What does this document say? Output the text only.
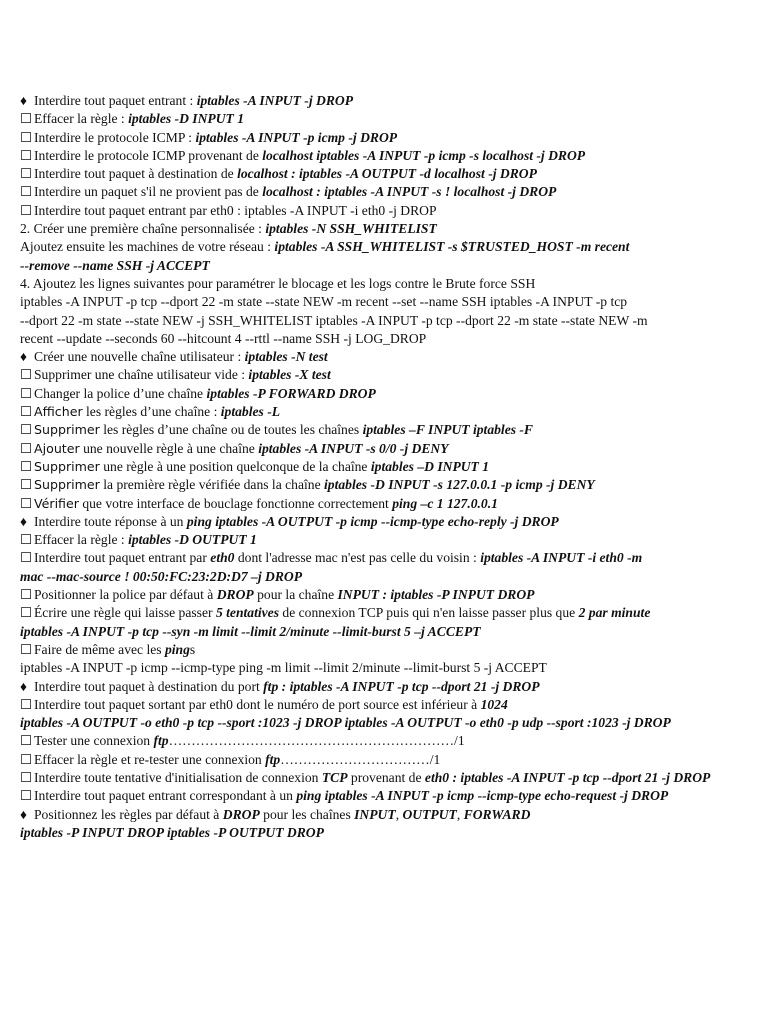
♦ Interdire tout paquet entrant : iptables -A INPUT -j DROP
☐ Effacer la règle : iptables -D INPUT 1
☐ Interdire le protocole ICMP : iptables -A INPUT -p icmp -j DROP
☐ Interdire le protocole ICMP provenant de localhost iptables -A INPUT -p icmp -s localhost -j DROP
☐ Interdire tout paquet à destination de localhost : iptables -A OUTPUT -d localhost -j DROP
☐ Interdire un paquet s'il ne provient pas de localhost : iptables -A INPUT -s ! localhost -j DROP
☐ Interdire tout paquet entrant par eth0 : iptables -A INPUT -i eth0 -j DROP
2. Créer une première chaîne personnalisée : iptables -N SSH_WHITELIST
Ajoutez ensuite les machines de votre réseau : iptables -A SSH_WHITELIST -s $TRUSTED_HOST -m recent
--remove --name SSH -j ACCEPT
4. Ajoutez les lignes suivantes pour paramétrer le blocage et les logs contre le Brute force SSH
iptables -A INPUT -p tcp --dport 22 -m state --state NEW -m recent --set --name SSH iptables -A INPUT -p tcp
--dport 22 -m state --state NEW -j SSH_WHITELIST iptables -A INPUT -p tcp --dport 22 -m state --state NEW -m
recent --update --seconds 60 --hitcount 4 --rttl --name SSH -j LOG_DROP
♦ Créer une nouvelle chaîne utilisateur : iptables -N test
☐ Supprimer une chaîne utilisateur vide : iptables -X test
☐ Changer la police d’une chaîne iptables -P FORWARD DROP
☐ Afficher les règles d’une chaîne : iptables -L
☐ Supprimer les règles d’une chaîne ou de toutes les chaînes iptables –F INPUT iptables -F
☐ Ajouter une nouvelle règle à une chaîne iptables -A INPUT -s 0/0 -j DENY
☐ Supprimer une règle à une position quelconque de la chaîne iptables –D INPUT 1
☐ Supprimer la première règle vérifiée dans la chaîne iptables -D INPUT -s 127.0.0.1 -p icmp -j DENY
☐ Vérifier que votre interface de bouclage fonctionne correctement ping –c 1 127.0.0.1
♦ Interdire toute réponse à un ping iptables -A OUTPUT -p icmp --icmp-type echo-reply -j DROP
☐ Effacer la règle : iptables -D OUTPUT 1
☐ Interdire tout paquet entrant par eth0 dont l'adresse mac n'est pas celle du voisin : iptables -A INPUT -i eth0 -m
mac --mac-source ! 00:50:FC:23:2D:D7 –j DROP
☐ Positionner la police par défaut à DROP pour la chaîne INPUT : iptables -P INPUT DROP
☐ Écrire une règle qui laisse passer 5 tentatives de connexion TCP puis qui n'en laisse passer plus que 2 par minute
iptables -A INPUT -p tcp --syn -m limit --limit 2/minute --limit-burst 5 –j ACCEPT
☐ Faire de même avec les pings
iptables -A INPUT -p icmp --icmp-type ping -m limit --limit 2/minute --limit-burst 5 -j ACCEPT
♦ Interdire tout paquet à destination du port ftp : iptables -A INPUT -p tcp --dport 21 -j DROP
☐ Interdire tout paquet sortant par eth0 dont le numéro de port source est inférieur à 1024
iptables -A OUTPUT -o eth0 -p tcp --sport :1023 -j DROP iptables -A OUTPUT -o eth0 -p udp --sport :1023 -j DROP
☐ Tester une connexion ftp………………………………………………………/1
☐ Effacer la règle et re-tester une connexion ftp……………………………/1
☐ Interdire toute tentative d'initialisation de connexion TCP provenant de eth0 : iptables -A INPUT -p tcp --dport 21 -j DROP
☐ Interdire tout paquet entrant correspondant à un ping iptables -A INPUT -p icmp --icmp-type echo-request -j DROP
♦ Positionnez les règles par défaut à DROP pour les chaînes INPUT, OUTPUT, FORWARD
iptables -P INPUT DROP iptables -P OUTPUT DROP
